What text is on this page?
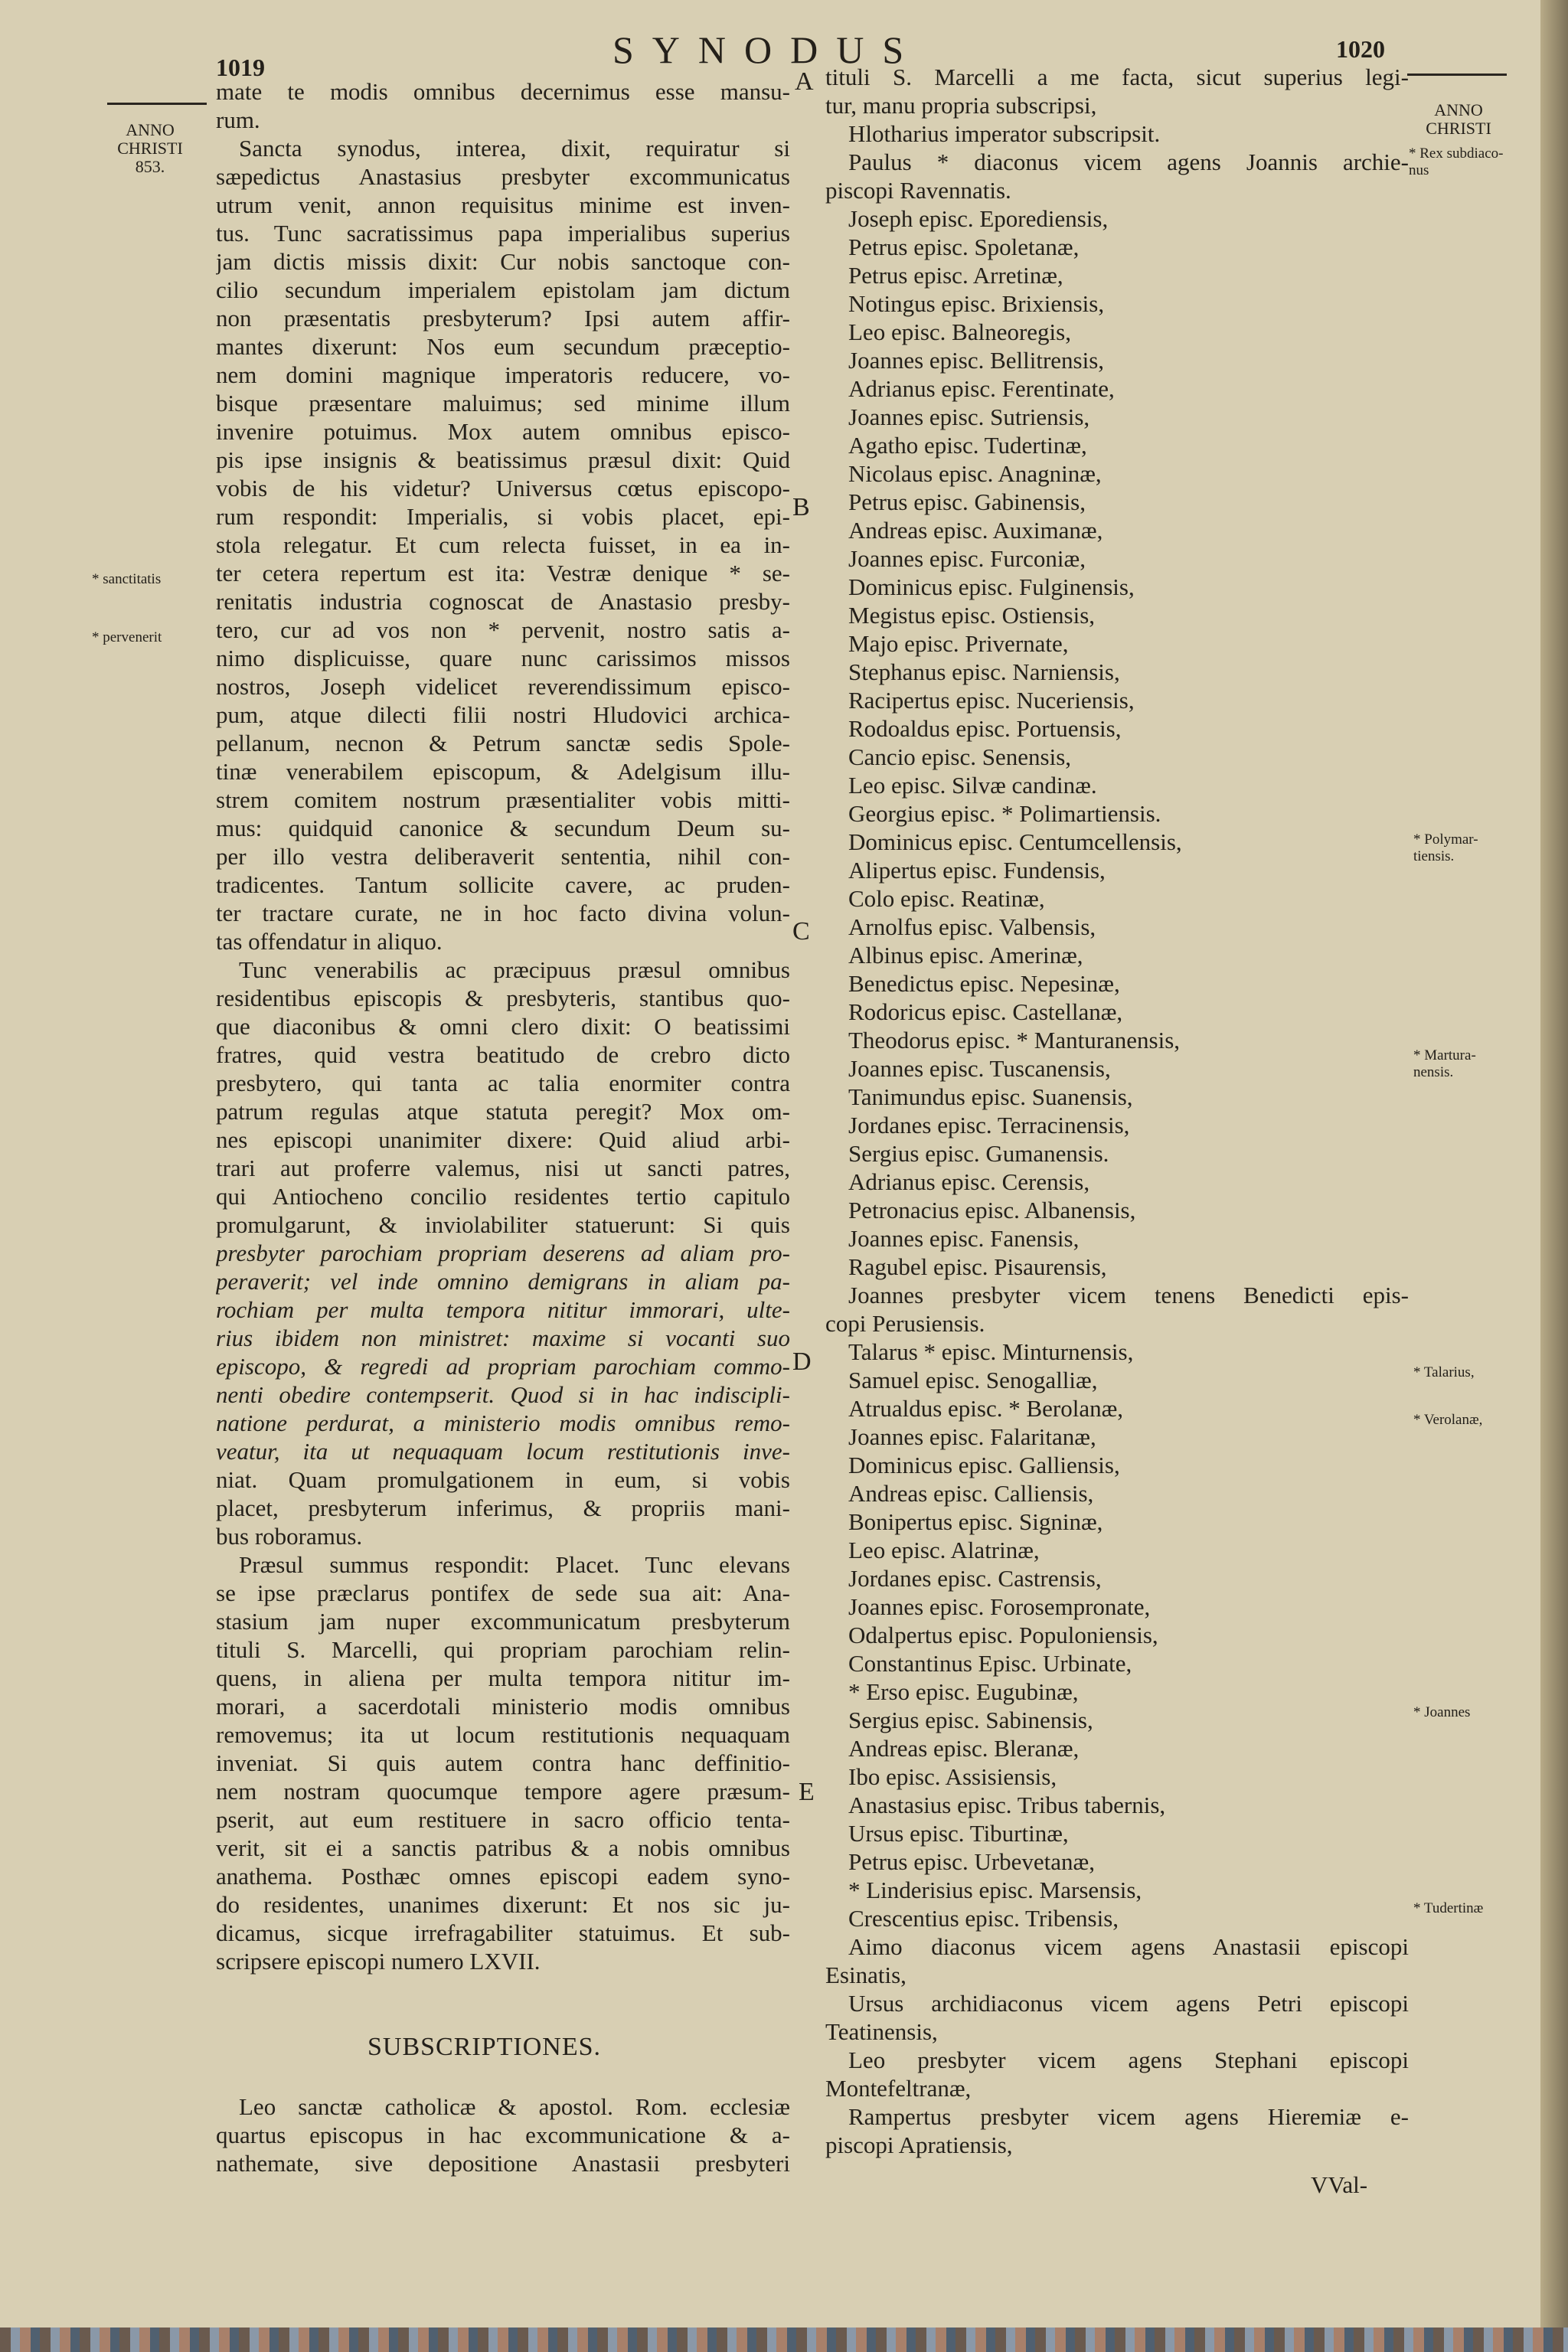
1019	SYNODUS	1020
ANNO CHRISTI 853.
ANNO CHRISTI
* sanctitatis
* pervenerit
* Rex subdiaco-nus
* Polymar-tiensis.
* Martura-nensis.
* Talarius,
* Verolanæ,
* Joannes
* Tudertinæ
A
B
C
D
E
mate te modis omnibus decernimus esse mansu-
rum.
Sancta synodus, interea, dixit, requiratur si
sæpedictus Anastasius presbyter excommunicatus
utrum venit, annon requisitus minime est inven-
tus. Tunc sacratissimus papa imperialibus superius
jam dictis missis dixit: Cur nobis sanctoque con-
cilio secundum imperialem epistolam jam dictum
non præsentatis presbyterum? Ipsi autem affir-
mantes dixerunt: Nos eum secundum præceptio-
nem domini magnique imperatoris reducere, vo-
bisque præsentare maluimus; sed minime illum
invenire potuimus. Mox autem omnibus episco-
pis ipse insignis & beatissimus præsul dixit: Quid
vobis de his videtur? Universus cœtus episcopo-
rum respondit: Imperialis, si vobis placet, epi-
stola relegatur. Et cum relecta fuisset, in ea in-
ter cetera repertum est ita: Vestræ denique * se-
renitatis industria cognoscat de Anastasio presby-
tero, cur ad vos non * pervenit, nostro satis a-
nimo displicuisse, quare nunc carissimos missos
nostros, Joseph videlicet reverendissimum episco-
pum, atque dilecti filii nostri Hludovici archica-
pellanum, necnon & Petrum sanctæ sedis Spole-
tinæ venerabilem episcopum, & Adelgisum illu-
strem comitem nostrum præsentialiter vobis mitti-
mus: quidquid canonice & secundum Deum su-
per illo vestra deliberaverit sententia, nihil con-
tradicentes. Tantum sollicite cavere, ac pruden-
ter tractare curate, ne in hoc facto divina volun-
tas offendatur in aliquo.
Tunc venerabilis ac præcipuus præsul omnibus
residentibus episcopis & presbyteris, stantibus quo-
que diaconibus & omni clero dixit: O beatissimi
fratres, quid vestra beatitudo de crebro dicto
presbytero, qui tanta ac talia enormiter contra
patrum regulas atque statuta peregit? Mox om-
nes episcopi unanimiter dixere: Quid aliud arbi-
trari aut proferre valemus, nisi ut sancti patres,
qui Antiocheno concilio residentes tertio capitulo
promulgarunt, & inviolabiliter statuerunt: Si quis
presbyter parochiam propriam deserens ad aliam pro-
peraverit; vel inde omnino demigrans in aliam pa-
rochiam per multa tempora nititur immorari, ulte-
rius ibidem non ministret: maxime si vocanti suo
episcopo, & regredi ad propriam parochiam commo-
nenti obedire contempserit. Quod si in hac indiscipli-
natione perdurat, a ministerio modis omnibus remo-
veatur, ita ut nequaquam locum restitutionis inve-
niat. Quam promulgationem in eum, si vobis
placet, presbyterum inferimus, & propriis mani-
bus roboramus.
Præsul summus respondit: Placet. Tunc elevans
se ipse præclarus pontifex de sede sua ait: Ana-
stasium jam nuper excommunicatum presbyterum
tituli S. Marcelli, qui propriam parochiam relin-
quens, in aliena per multa tempora nititur im-
morari, a sacerdotali ministerio modis omnibus
removemus; ita ut locum restitutionis nequaquam
inveniat. Si quis autem contra hanc deffinitio-
nem nostram quocumque tempore agere præsum-
pserit, aut eum restituere in sacro officio tenta-
verit, sit ei a sanctis patribus & a nobis omnibus
anathema. Posthæc omnes episcopi eadem syno-
do residentes, unanimes dixerunt: Et nos sic ju-
dicamus, sicque irrefragabiliter statuimus. Et sub-
scripsere episcopi numero LXVII.
SUBSCRIPTIONES.
Leo sanctæ catholicæ & apostol. Rom. ecclesiæ
quartus episcopus in hac excommunicatione & a-
nathemate, sive depositione Anastasii presbyteri
tituli S. Marcelli a me facta, sicut superius legi-
tur, manu propria subscripsi,
Hlotharius imperator subscripsit.
Paulus * diaconus vicem agens Joannis archie-
piscopi Ravennatis.
Joseph episc. Eporediensis,
Petrus episc. Spoletanæ,
Petrus episc. Arretinæ,
Notingus episc. Brixiensis,
Leo episc. Balneoregis,
Joannes episc. Bellitrensis,
Adrianus episc. Ferentinate,
Joannes episc. Sutriensis,
Agatho episc. Tudertinæ,
Nicolaus episc. Anagninæ,
Petrus episc. Gabinensis,
Andreas episc. Auximanæ,
Joannes episc. Furconiæ,
Dominicus episc. Fulginensis,
Megistus episc. Ostiensis,
Majo episc. Privernate,
Stephanus episc. Narniensis,
Racipertus episc. Nuceriensis,
Rodoaldus episc. Portuensis,
Cancio episc. Senensis,
Leo episc. Silvæ candinæ.
Georgius episc. * Polimartiensis.
Dominicus episc. Centumcellensis,
Alipertus episc. Fundensis,
Colo episc. Reatinæ,
Arnolfus episc. Valbensis,
Albinus episc. Amerinæ,
Benedictus episc. Nepesinæ,
Rodoricus episc. Castellanæ,
Theodorus episc. * Manturanensis,
Joannes episc. Tuscanensis,
Tanimundus episc. Suanensis,
Jordanes episc. Terracinensis,
Sergius episc. Gumanensis.
Adrianus episc. Cerensis,
Petronacius episc. Albanensis,
Joannes episc. Fanensis,
Ragubel episc. Pisaurensis,
Joannes presbyter vicem tenens Benedicti epis-
copi Perusiensis.
Talarus * episc. Minturnensis,
Samuel episc. Senogalliæ,
Atrualdus episc. * Berolanæ,
Joannes episc. Falaritanæ,
Dominicus episc. Galliensis,
Andreas episc. Calliensis,
Bonipertus episc. Signinæ,
Leo episc. Alatrinæ,
Jordanes episc. Castrensis,
Joannes episc. Forosempronate,
Odalpertus episc. Populoniensis,
Constantinus Episc. Urbinate,
* Erso episc. Eugubinæ,
Sergius episc. Sabinensis,
Andreas episc. Bleranæ,
Ibo episc. Assisiensis,
Anastasius episc. Tribus tabernis,
Ursus episc. Tiburtinæ,
Petrus episc. Urbevetanæ,
* Linderisius episc. Marsensis,
Crescentius episc. Tribensis,
Aimo diaconus vicem agens Anastasii episcopi
Esinatis,
Ursus archidiaconus vicem agens Petri episcopi
Teatinensis,
Leo presbyter vicem agens Stephani episcopi
Montefeltranæ,
Rampertus presbyter vicem agens Hieremiæ e-
piscopi Apratiensis,
VVal-
